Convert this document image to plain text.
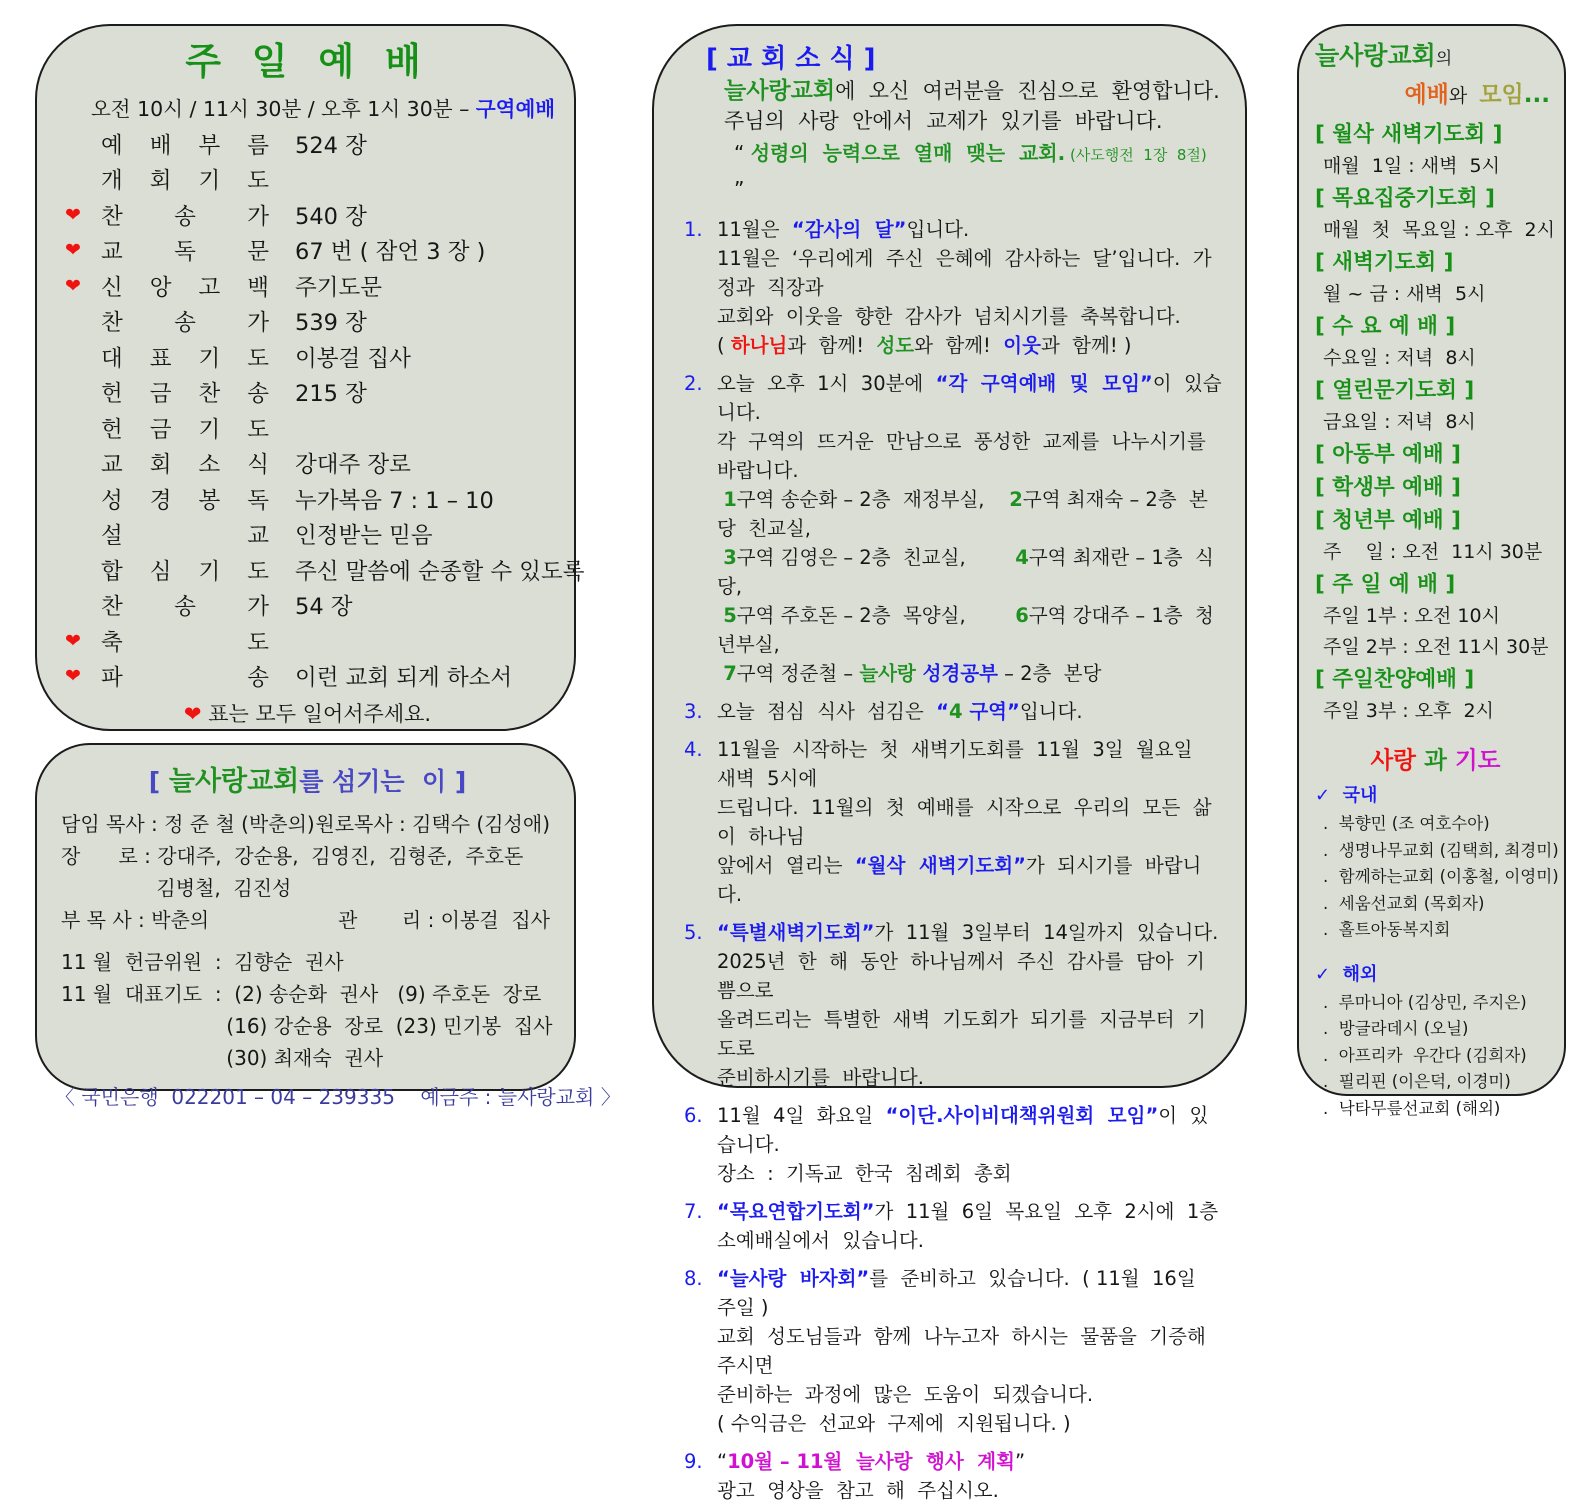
주 일 예 배
오전 10시 / 11시 30분 / 오후 1시 30분 – 구역예배
예 배 부 름 524 장
개 회 기 도
❤ 찬 송 가 540 장
❤ 교 독 문 67 번 ( 잠언 3 장 )
❤ 신 앙 고 백 주기도문
찬 송 가 539 장
대 표 기 도 이봉걸 집사
헌 금 찬 송 215 장
헌 금 기 도
교 회 소 식 강대주 장로
성 경 봉 독 누가복음 7 : 1 – 10
설 교 인정받는 믿음
합 심 기 도 주신 말씀에 순종할 수 있도록
찬 송 가 54 장
❤ 축 도
❤ 파 송 이런 교회 되게 하소서
❤ 표는 모두 일어서주세요.
[ 늘사랑교회를 섬기는  이 ]
담임 목사 : 정 준 철 (박춘의) 원로목사 : 김택수 (김성애)
장      로 : 강대주,  강순용,  김영진,  김형준,  주호돈
김병철,  김진성
부 목 사 : 박춘의	관       리 : 이봉걸  집사
11 월  헌금위원  :  김향순  권사
11 월  대표기도  :  (2) 송순화  권사   (9) 주호돈  장로
(16) 강순용  장로  (23) 민기봉  집사
(30) 최재숙  권사
〈 국민은행  022201 – 04 – 239335    예금주 : 늘사랑교회 〉
[ 교 회 소 식 ]
늘사랑교회에  오신  여러분을  진심으로  환영합니다.
주님의  사랑  안에서  교제가  있기를  바랍니다.
“ 성령의  능력으로  열매  맺는  교회. (사도행전  1장  8절) ”
1. 11월은  “감사의  달”입니다.
11월은  ‘우리에게  주신  은혜에  감사하는  달’입니다.  가정과  직장과
교회와  이웃을  향한  감사가  넘치시기를  축복합니다.
( 하나님과  함께!  성도와  함께!  이웃과  함께! )
2. 오늘  오후  1시  30분에  “각  구역예배  및  모임”이  있습니다.
각  구역의  뜨거운  만남으로  풍성한  교제를  나누시기를  바랍니다.
1구역 송순화 – 2층  재정부실,    2구역 최재숙 – 2층  본당  친교실,
3구역 김영은 – 2층  친교실,        4구역 최재란 – 1층  식당,
5구역 주호돈 – 2층  목양실,        6구역 강대주 – 1층  청년부실,
7구역 정준철 – 늘사랑 성경공부 – 2층  본당
3. 오늘  점심  식사  섬김은  “4 구역”입니다.
4. 11월을  시작하는  첫  새벽기도회를  11월  3일  월요일  새벽  5시에
드립니다.  11월의  첫  예배를  시작으로  우리의  모든  삶이  하나님
앞에서  열리는  “월삭  새벽기도회”가  되시기를  바랍니다.
5. “특별새벽기도회”가  11월  3일부터  14일까지  있습니다.
2025년  한  해  동안  하나님께서  주신  감사를  담아  기쁨으로
올려드리는  특별한  새벽  기도회가  되기를  지금부터  기도로
준비하시기를  바랍니다.
6. 11월  4일  화요일  “이단.사이비대책위원회  모임”이  있습니다.
장소  :  기독교  한국  침례회  총회
7. “목요연합기도회”가  11월  6일  목요일  오후  2시에  1층
소예배실에서  있습니다.
8. “늘사랑  바자회”를  준비하고  있습니다.  ( 11월  16일  주일 )
교회  성도님들과  함께  나누고자  하시는  물품을  기증해  주시면
준비하는  과정에  많은  도움이  되겠습니다.
( 수익금은  선교와  구제에  지원됩니다. )
9. “10월 – 11월  늘사랑  행사  계획”
광고  영상을  참고  해  주십시오.
늘사랑교회의
예배와  모임...
[ 월삭 새벽기도회 ]
매월  1일 : 새벽  5시
[ 목요집중기도회 ]
매월  첫  목요일 : 오후  2시
[ 새벽기도회 ]
월 ~ 금 : 새벽  5시
[ 수 요 예 배 ]
수요일 : 저녁  8시
[ 열린문기도회 ]
금요일 : 저녁  8시
[ 아동부 예배 ]
[ 학생부 예배 ]
[ 청년부 예배 ]
주    일 : 오전  11시 30분
[ 주 일 예 배 ]
주일 1부 : 오전 10시
주일 2부 : 오전 11시 30분
[ 주일찬양예배 ]
주일 3부 : 오후  2시
사랑 과 기도
✓  국내
.  북향민 (조 여호수아)
.  생명나무교회 (김택희, 최경미)
.  함께하는교회 (이홍철, 이영미)
.  세움선교회 (목회자)
.  홀트아동복지회
✓  해외
.  루마니아 (김상민, 주지은)
.  방글라데시 (오닐)
.  아프리카  우간다 (김희자)
.  필리핀 (이은덕, 이경미)
.  낙타무릎선교회 (해외)
